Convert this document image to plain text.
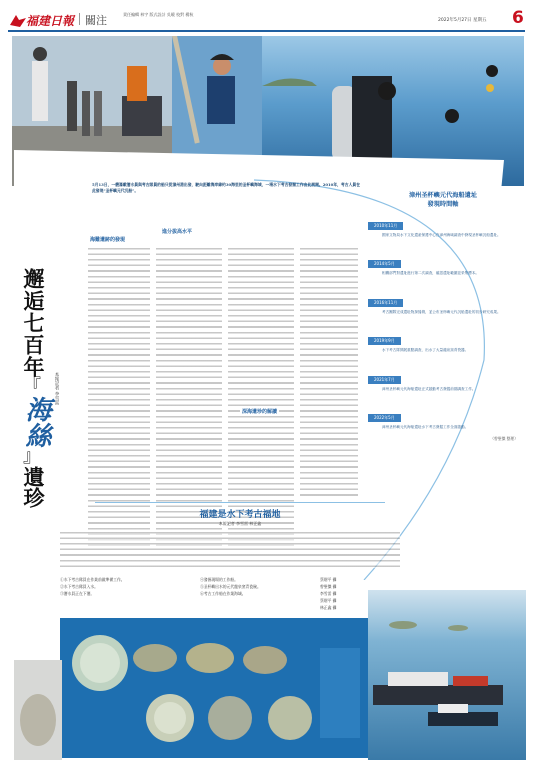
福建日報 關注	責任編輯 林宇 版式設計 吳曉 校對 楊秋
2022年5月27日 星期五 6
邂逅七百年
『
海絲
』
遺珍
本報記者 李雪雷
5月13日，一艘滿載潛水員與考古隊員的船只從漳州港出發，駛向距離海岸線約30海里的圣杯嶼海域，一場水下考古發掘工作由此展開。2010年，考古人員在此發現“圣杯嶼元代沉船”。
海難遺跡的發現
進分拔高水平
深海遺珍的解讀
漳州圣杯嶼元代海船遺址
發現時間軸
2010年11月
國家文物局水下文化遺產保護中心在漳州海域調查中發現圣杯嶼沉船遺址。
2014年5月
相關部門對遺址進行第二次調查，確認遺址範圍並采集標本。
2016年11月
考古團隊完成遺址物探掃測，並公布圣杯嶼元代沉船遺址的初步研究成果。
2019年9月
水下考古隊開展重點調查，出水了大量龍泉窯青瓷器。
2021年7月
漳州圣杯嶼元代海船遺址正式啟動考古發掘前期調查工作。
2022年5月
漳州圣杯嶼元代海船遺址水下考古發掘工作全面啟動。
（曾聖傑 整理）
福建是水下考古福地
本報記者 李雪雷 林正鑫
①水下考古隊員在作業前做準備工作。
②水下考古隊員入水。
③潛水員正在下潛。
④發掘現場的工作船。
⑤圣杯嶼出水的元代龍泉窯青瓷碗。
⑥考古工作船在作業海域。
蔡熠平 攝
曾聖傑 攝
李雪雷 攝
蔡熠平 攝
林正鑫 攝
